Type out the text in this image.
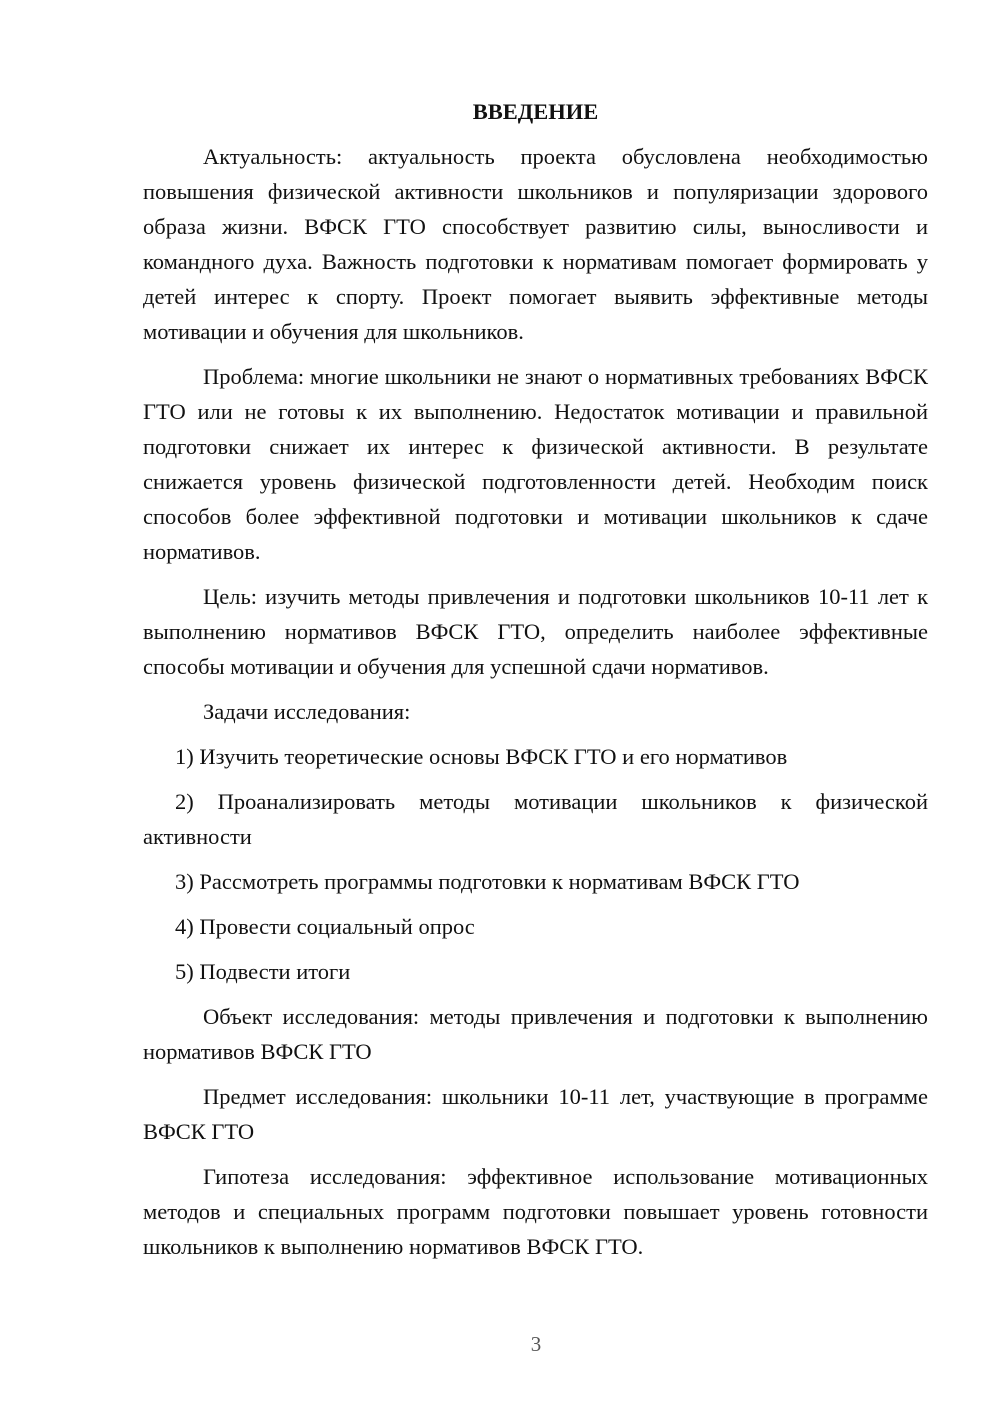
ВВЕДЕНИЕ

Актуальность: актуальность проекта обусловлена необходимостью повышения физической активности школьников и популяризации здорового образа жизни. ВФСК ГТО способствует развитию силы, выносливости и командного духа. Важность подготовки к нормативам помогает формировать у детей интерес к спорту. Проект помогает выявить эффективные методы мотивации и обучения для школьников.

Проблема: многие школьники не знают о нормативных требованиях ВФСК ГТО или не готовы к их выполнению. Недостаток мотивации и правильной подготовки снижает их интерес к физической активности. В результате снижается уровень физической подготовленности детей. Необходим поиск способов более эффективной подготовки и мотивации школьников к сдаче нормативов.

Цель: изучить методы привлечения и подготовки школьников 10-11 лет к выполнению нормативов ВФСК ГТО, определить наиболее эффективные способы мотивации и обучения для успешной сдачи нормативов.

Задачи исследования:

1) Изучить теоретические основы ВФСК ГТО и его нормативов

2) Проанализировать методы мотивации школьников к физической активности

3) Рассмотреть программы подготовки к нормативам ВФСК ГТО

4) Провести социальный опрос

5) Подвести итоги

Объект исследования: методы привлечения и подготовки к выполнению нормативов ВФСК ГТО

Предмет исследования: школьники 10-11 лет, участвующие в программе ВФСК ГТО

Гипотеза исследования: эффективное использование мотивационных методов и специальных программ подготовки повышает уровень готовности школьников к выполнению нормативов ВФСК ГТО.

3
